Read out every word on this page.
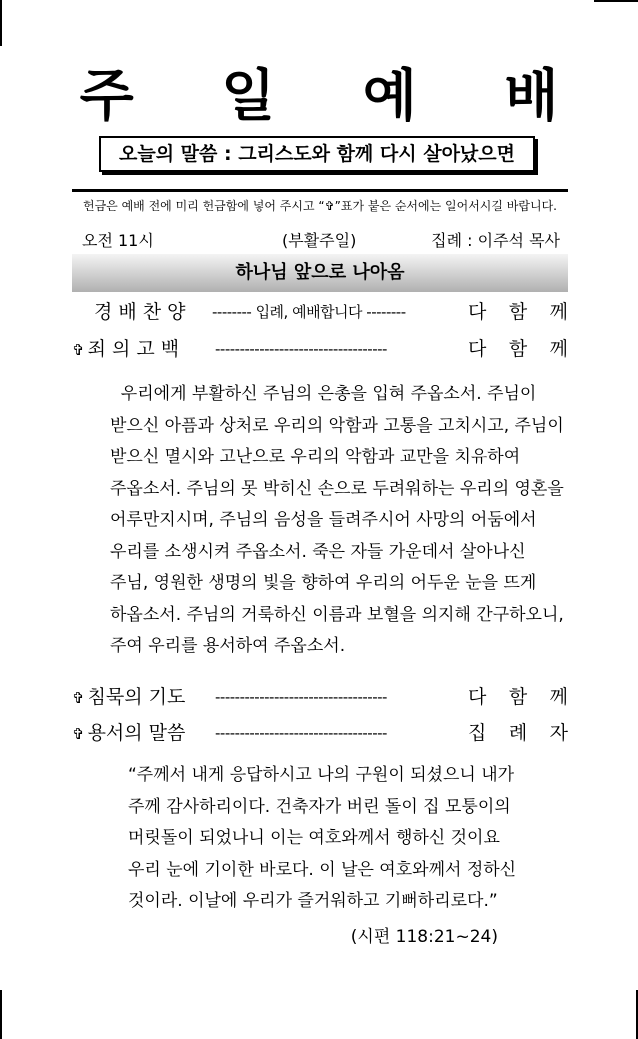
주 일 예 배
오늘의 말씀 : 그리스도와 함께 다시 살아났으면
헌금은 예배 전에 미리 헌금함에 넣어 주시고 “✞”표가 붙은 순서에는 일어서시길 바랍니다.
오전 11시	(부활주일)	집례 : 이주석 목사
하나님 앞으로 나아옴
경 배 찬 양 -------- 입례, 예배합니다 --------	다 함 께
✞ 죄 의 고 백 -----------------------------------	다 함 께
우리에게 부활하신 주님의 은총을 입혀 주옵소서. 주님이
받으신 아픔과 상처로 우리의 악함과 고통을 고치시고, 주님이
받으신 멸시와 고난으로 우리의 악함과 교만을 치유하여
주옵소서. 주님의 못 박히신 손으로 두려워하는 우리의 영혼을
어루만지시며, 주님의 음성을 들려주시어 사망의 어둠에서
우리를 소생시켜 주옵소서. 죽은 자들 가운데서 살아나신
주님, 영원한 생명의 빛을 향하여 우리의 어두운 눈을 뜨게
하옵소서. 주님의 거룩하신 이름과 보혈을 의지해 간구하오니,
주여 우리를 용서하여 주옵소서.
✞ 침묵의 기도 -----------------------------------	다 함 께
✞ 용서의 말씀 -----------------------------------	집 례 자
“주께서 내게 응답하시고 나의 구원이 되셨으니 내가
주께 감사하리이다. 건축자가 버린 돌이 집 모퉁이의
머릿돌이 되었나니 이는 여호와께서 행하신 것이요
우리 눈에 기이한 바로다. 이 날은 여호와께서 정하신
것이라. 이날에 우리가 즐거워하고 기뻐하리로다.”
(시편 118:21~24)
